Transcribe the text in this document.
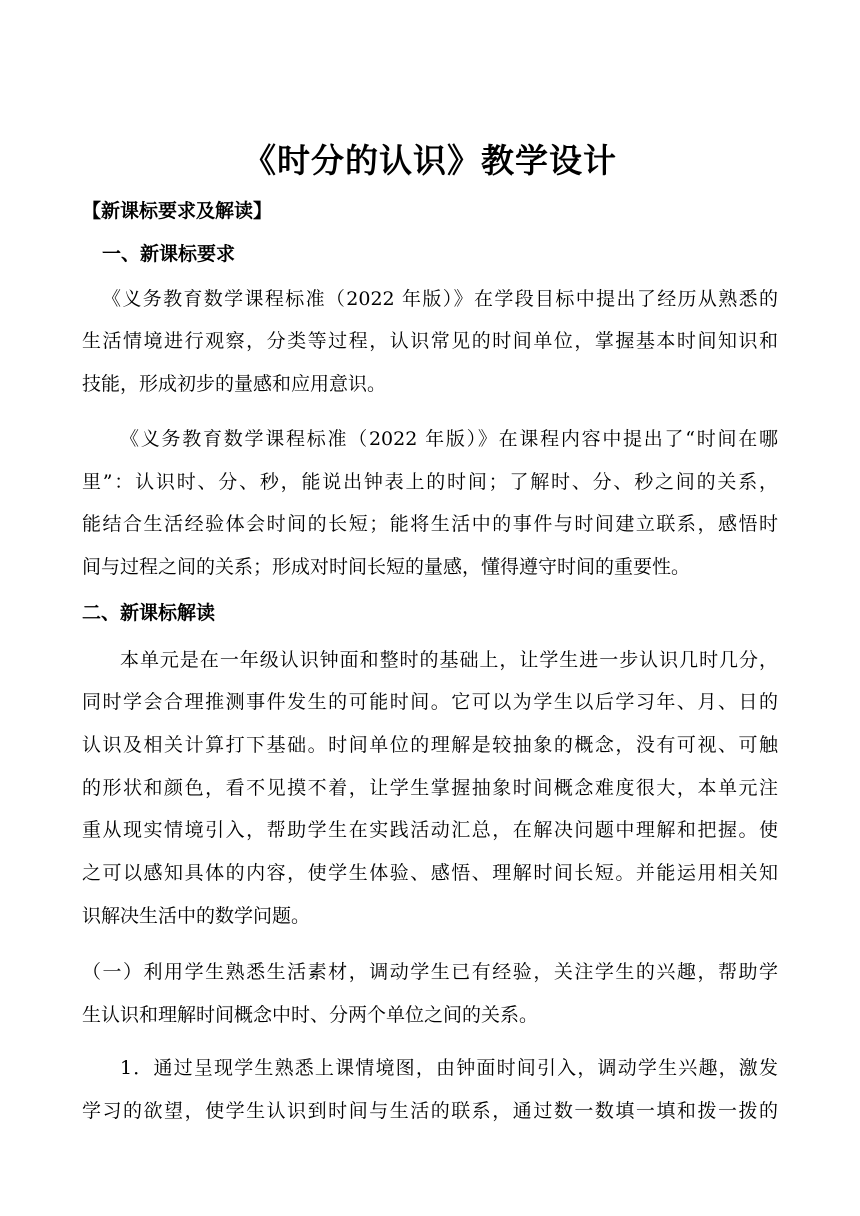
《时分的认识》教学设计
【新课标要求及解读】
一、新课标要求
《义务教育数学课程标准（2022 年版）》在学段目标中提出了经历从熟悉的
生活情境进行观察，分类等过程，认识常见的时间单位，掌握基本时间知识和
技能，形成初步的量感和应用意识。
《义务教育数学课程标准（2022 年版）》在课程内容中提出了“时间在哪
里”：认识时、分、秒，能说出钟表上的时间；了解时、分、秒之间的关系，
能结合生活经验体会时间的长短；能将生活中的事件与时间建立联系，感悟时
间与过程之间的关系；形成对时间长短的量感，懂得遵守时间的重要性。
二、新课标解读
本单元是在一年级认识钟面和整时的基础上，让学生进一步认识几时几分，
同时学会合理推测事件发生的可能时间。它可以为学生以后学习年、月、日的
认识及相关计算打下基础。时间单位的理解是较抽象的概念，没有可视、可触
的形状和颜色，看不见摸不着，让学生掌握抽象时间概念难度很大，本单元注
重从现实情境引入，帮助学生在实践活动汇总，在解决问题中理解和把握。使
之可以感知具体的内容，使学生体验、感悟、理解时间长短。并能运用相关知
识解决生活中的数学问题。
（一）利用学生熟悉生活素材，调动学生已有经验，关注学生的兴趣，帮助学
生认识和理解时间概念中时、分两个单位之间的关系。
1．通过呈现学生熟悉上课情境图，由钟面时间引入，调动学生兴趣，激发
学习的欲望，使学生认识到时间与生活的联系，通过数一数填一填和拨一拨的
